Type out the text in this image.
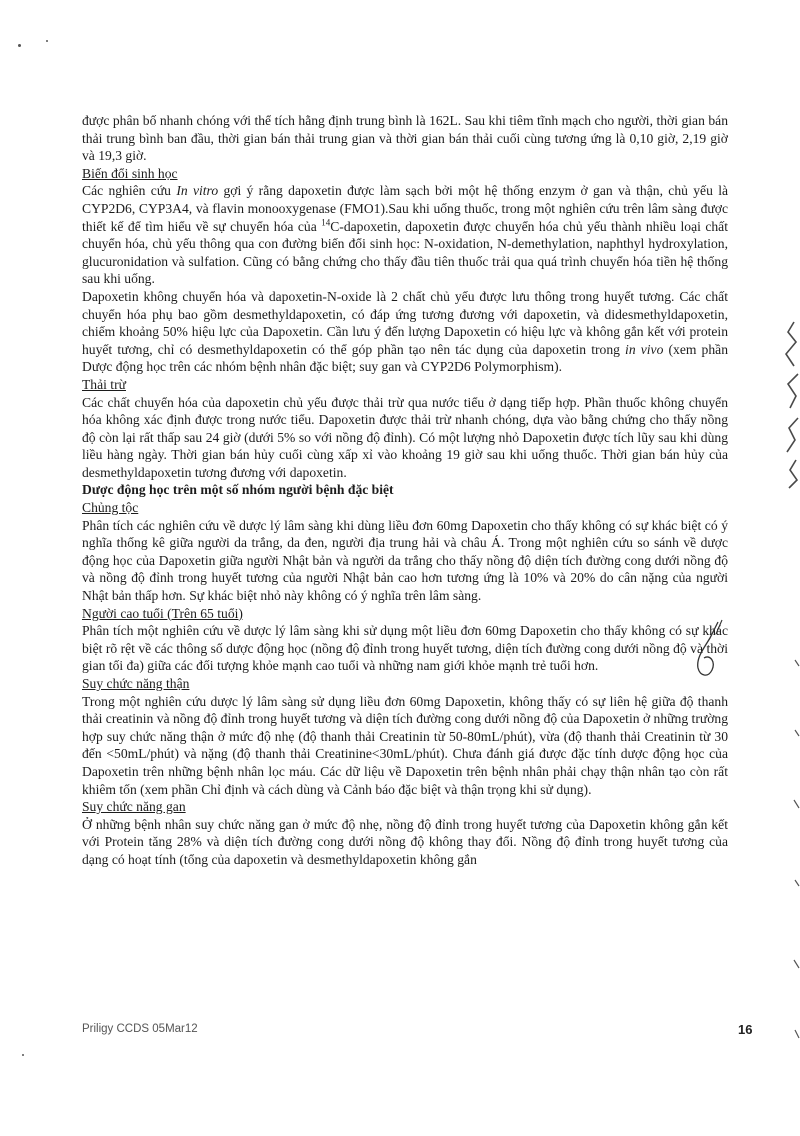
được phân bố nhanh chóng với thể tích hằng định trung bình là 162L. Sau khi tiêm tĩnh mạch cho người, thời gian bán thải trung bình ban đầu, thời gian bán thải trung gian và thời gian bán thải cuối cùng tương ứng là 0,10 giờ, 2,19 giờ và 19,3 giờ.

Biến đổi sinh học

Các nghiên cứu In vitro gợi ý rằng dapoxetin được làm sạch bởi một hệ thống enzym ở gan và thận, chủ yếu là CYP2D6, CYP3A4, và flavin monooxygenase (FMO1).Sau khi uống thuốc, trong một nghiên cứu trên lâm sàng được thiết kế để tìm hiểu về sự chuyển hóa của $^{14}$C-dapoxetin, dapoxetin được chuyển hóa chủ yếu thành nhiều loại chất chuyển hóa, chủ yếu thông qua con đường biến đổi sinh học: N-oxidation, N-demethylation, naphthyl hydroxylation, glucuronidation và sulfation. Cũng có bằng chứng cho thấy đầu tiên thuốc trải qua quá trình chuyển hóa tiền hệ thống sau khi uống.

Dapoxetin không chuyển hóa và dapoxetin-N-oxide là 2 chất chủ yếu được lưu thông trong huyết tương. Các chất chuyển hóa phụ bao gồm desmethyldapoxetin, có đáp ứng tương đương với dapoxetin, và didesmethyldapoxetin, chiếm khoảng 50% hiệu lực của Dapoxetin. Cần lưu ý đến lượng Dapoxetin có hiệu lực và không gắn kết với protein huyết tương, chỉ có desmethyldapoxetin có thể góp phần tạo nên tác dụng của dapoxetin trong in vivo (xem phần Dược động học trên các nhóm bệnh nhân đặc biệt; suy gan và CYP2D6 Polymorphism).

Thải trừ

Các chất chuyển hóa của dapoxetin chủ yếu được thải trừ qua nước tiểu ở dạng tiếp hợp. Phần thuốc không chuyển hóa không xác định được trong nước tiểu. Dapoxetin được thải trừ nhanh chóng, dựa vào bằng chứng cho thấy nồng độ còn lại rất thấp sau 24 giờ (dưới 5% so với nồng độ đỉnh). Có một lượng nhỏ Dapoxetin được tích lũy sau khi dùng liều hàng ngày. Thời gian bán hủy cuối cùng xấp xỉ vào khoảng 19 giờ sau khi uống thuốc. Thời gian bán hủy của desmethyldapoxetin tương đương với dapoxetin.

Dược động học trên một số nhóm người bệnh đặc biệt

Chủng tộc

Phân tích các nghiên cứu về dược lý lâm sàng khi dùng liều đơn 60mg Dapoxetin cho thấy không có sự khác biệt có ý nghĩa thống kê giữa người da trắng, da đen, người địa trung hải và châu Á. Trong một nghiên cứu so sánh về dược động học của Dapoxetin giữa người Nhật bản và người da trắng cho thấy nồng độ diện tích đường cong dưới nồng độ và nồng độ đỉnh trong huyết tương của người Nhật bản cao hơn tương ứng là 10% và 20% do cân nặng của người Nhật bản thấp hơn. Sự khác biệt nhỏ này không có ý nghĩa trên lâm sàng.

Người cao tuổi (Trên 65 tuổi)

Phân tích một nghiên cứu về dược lý lâm sàng khi sử dụng một liều đơn 60mg Dapoxetin cho thấy không có sự khác biệt rõ rệt về các thông số dược động học (nồng độ đỉnh trong huyết tương, diện tích đường cong dưới nồng độ và thời gian tối đa) giữa các đối tượng khỏe mạnh cao tuổi và những nam giới khỏe mạnh trẻ tuổi hơn.

Suy chức năng thận

Trong một nghiên cứu dược lý lâm sàng sử dụng liều đơn 60mg Dapoxetin, không thấy có sự liên hệ giữa độ thanh thải creatinin và nồng độ đỉnh trong huyết tương và diện tích đường cong dưới nồng độ của Dapoxetin ở những trường hợp suy chức năng thận ở mức độ nhẹ (độ thanh thải Creatinin từ 50-80mL/phút), vừa (độ thanh thải Creatinin từ 30 đến <50mL/phút) và nặng (độ thanh thải Creatinine<30mL/phút). Chưa đánh giá được đặc tính dược động học của Dapoxetin trên những bệnh nhân lọc máu. Các dữ liệu về Dapoxetin trên bệnh nhân phải chạy thận nhân tạo còn rất khiêm tốn (xem phần Chỉ định và cách dùng và Cảnh báo đặc biệt và thận trọng khi sử dụng).

Suy chức năng gan

Ở những bệnh nhân suy chức năng gan ở mức độ nhẹ, nồng độ đỉnh trong huyết tương của Dapoxetin không gắn kết với Protein tăng 28% và diện tích đường cong dưới nồng độ không thay đổi. Nồng độ đỉnh trong huyết tương của dạng có hoạt tính (tổng của dapoxetin và desmethyldapoxetin không gắn

Priligy CCDS 05Mar12	16
